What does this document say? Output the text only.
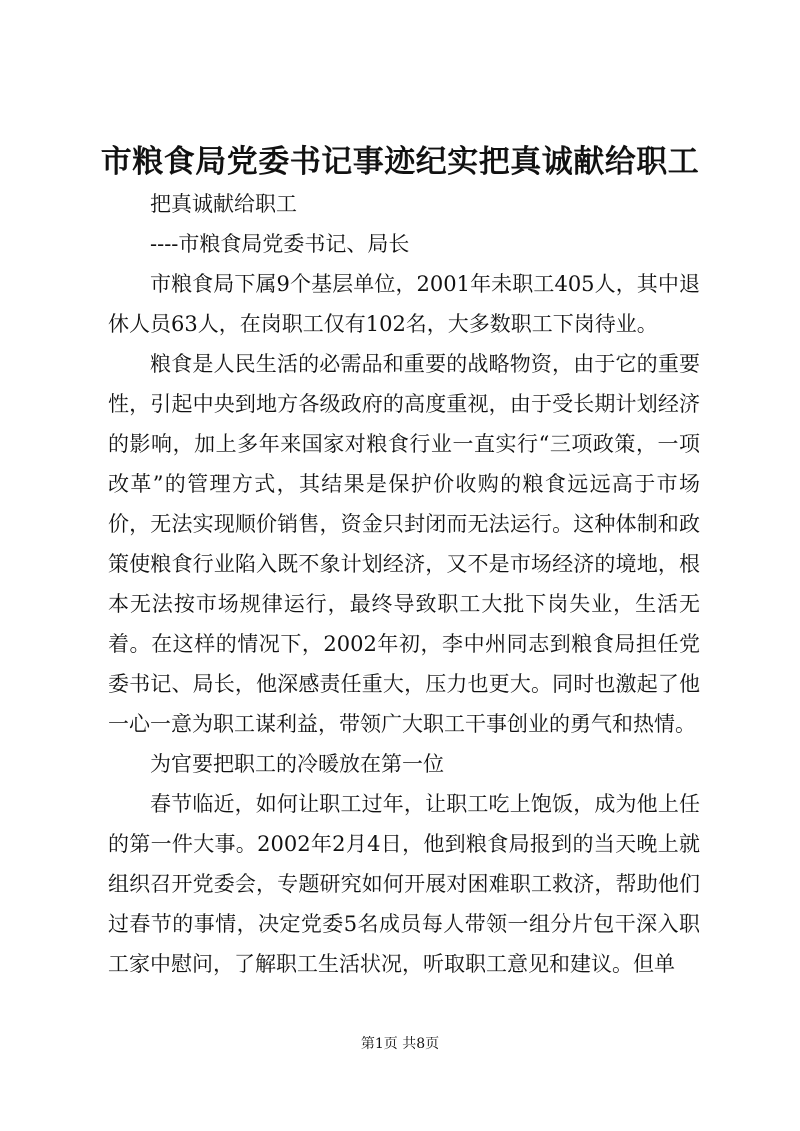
市粮食局党委书记事迹纪实把真诚献给职工

把真诚献给职工

----市粮食局党委书记、局长

市粮食局下属9个基层单位，2001年未职工405人，其中退休人员63人，在岗职工仅有102名，大多数职工下岗待业。

粮食是人民生活的必需品和重要的战略物资，由于它的重要性，引起中央到地方各级政府的高度重视，由于受长期计划经济的影响，加上多年来国家对粮食行业一直实行“三项政策，一项改革”的管理方式，其结果是保护价收购的粮食远远高于市场价，无法实现顺价销售，资金只封闭而无法运行。这种体制和政策使粮食行业陷入既不象计划经济，又不是市场经济的境地，根本无法按市场规律运行，最终导致职工大批下岗失业，生活无着。在这样的情况下，2002年初，李中州同志到粮食局担任党委书记、局长，他深感责任重大，压力也更大。同时也激起了他一心一意为职工谋利益，带领广大职工干事创业的勇气和热情。

为官要把职工的冷暖放在第一位

春节临近，如何让职工过年，让职工吃上饱饭，成为他上任的第一件大事。2002年2月4日，他到粮食局报到的当天晚上就组织召开党委会，专题研究如何开展对困难职工救济，帮助他们过春节的事情，决定党委5名成员每人带领一组分片包干深入职工家中慰问，了解职工生活状况，听取职工意见和建议。但单

第1页 共8页
